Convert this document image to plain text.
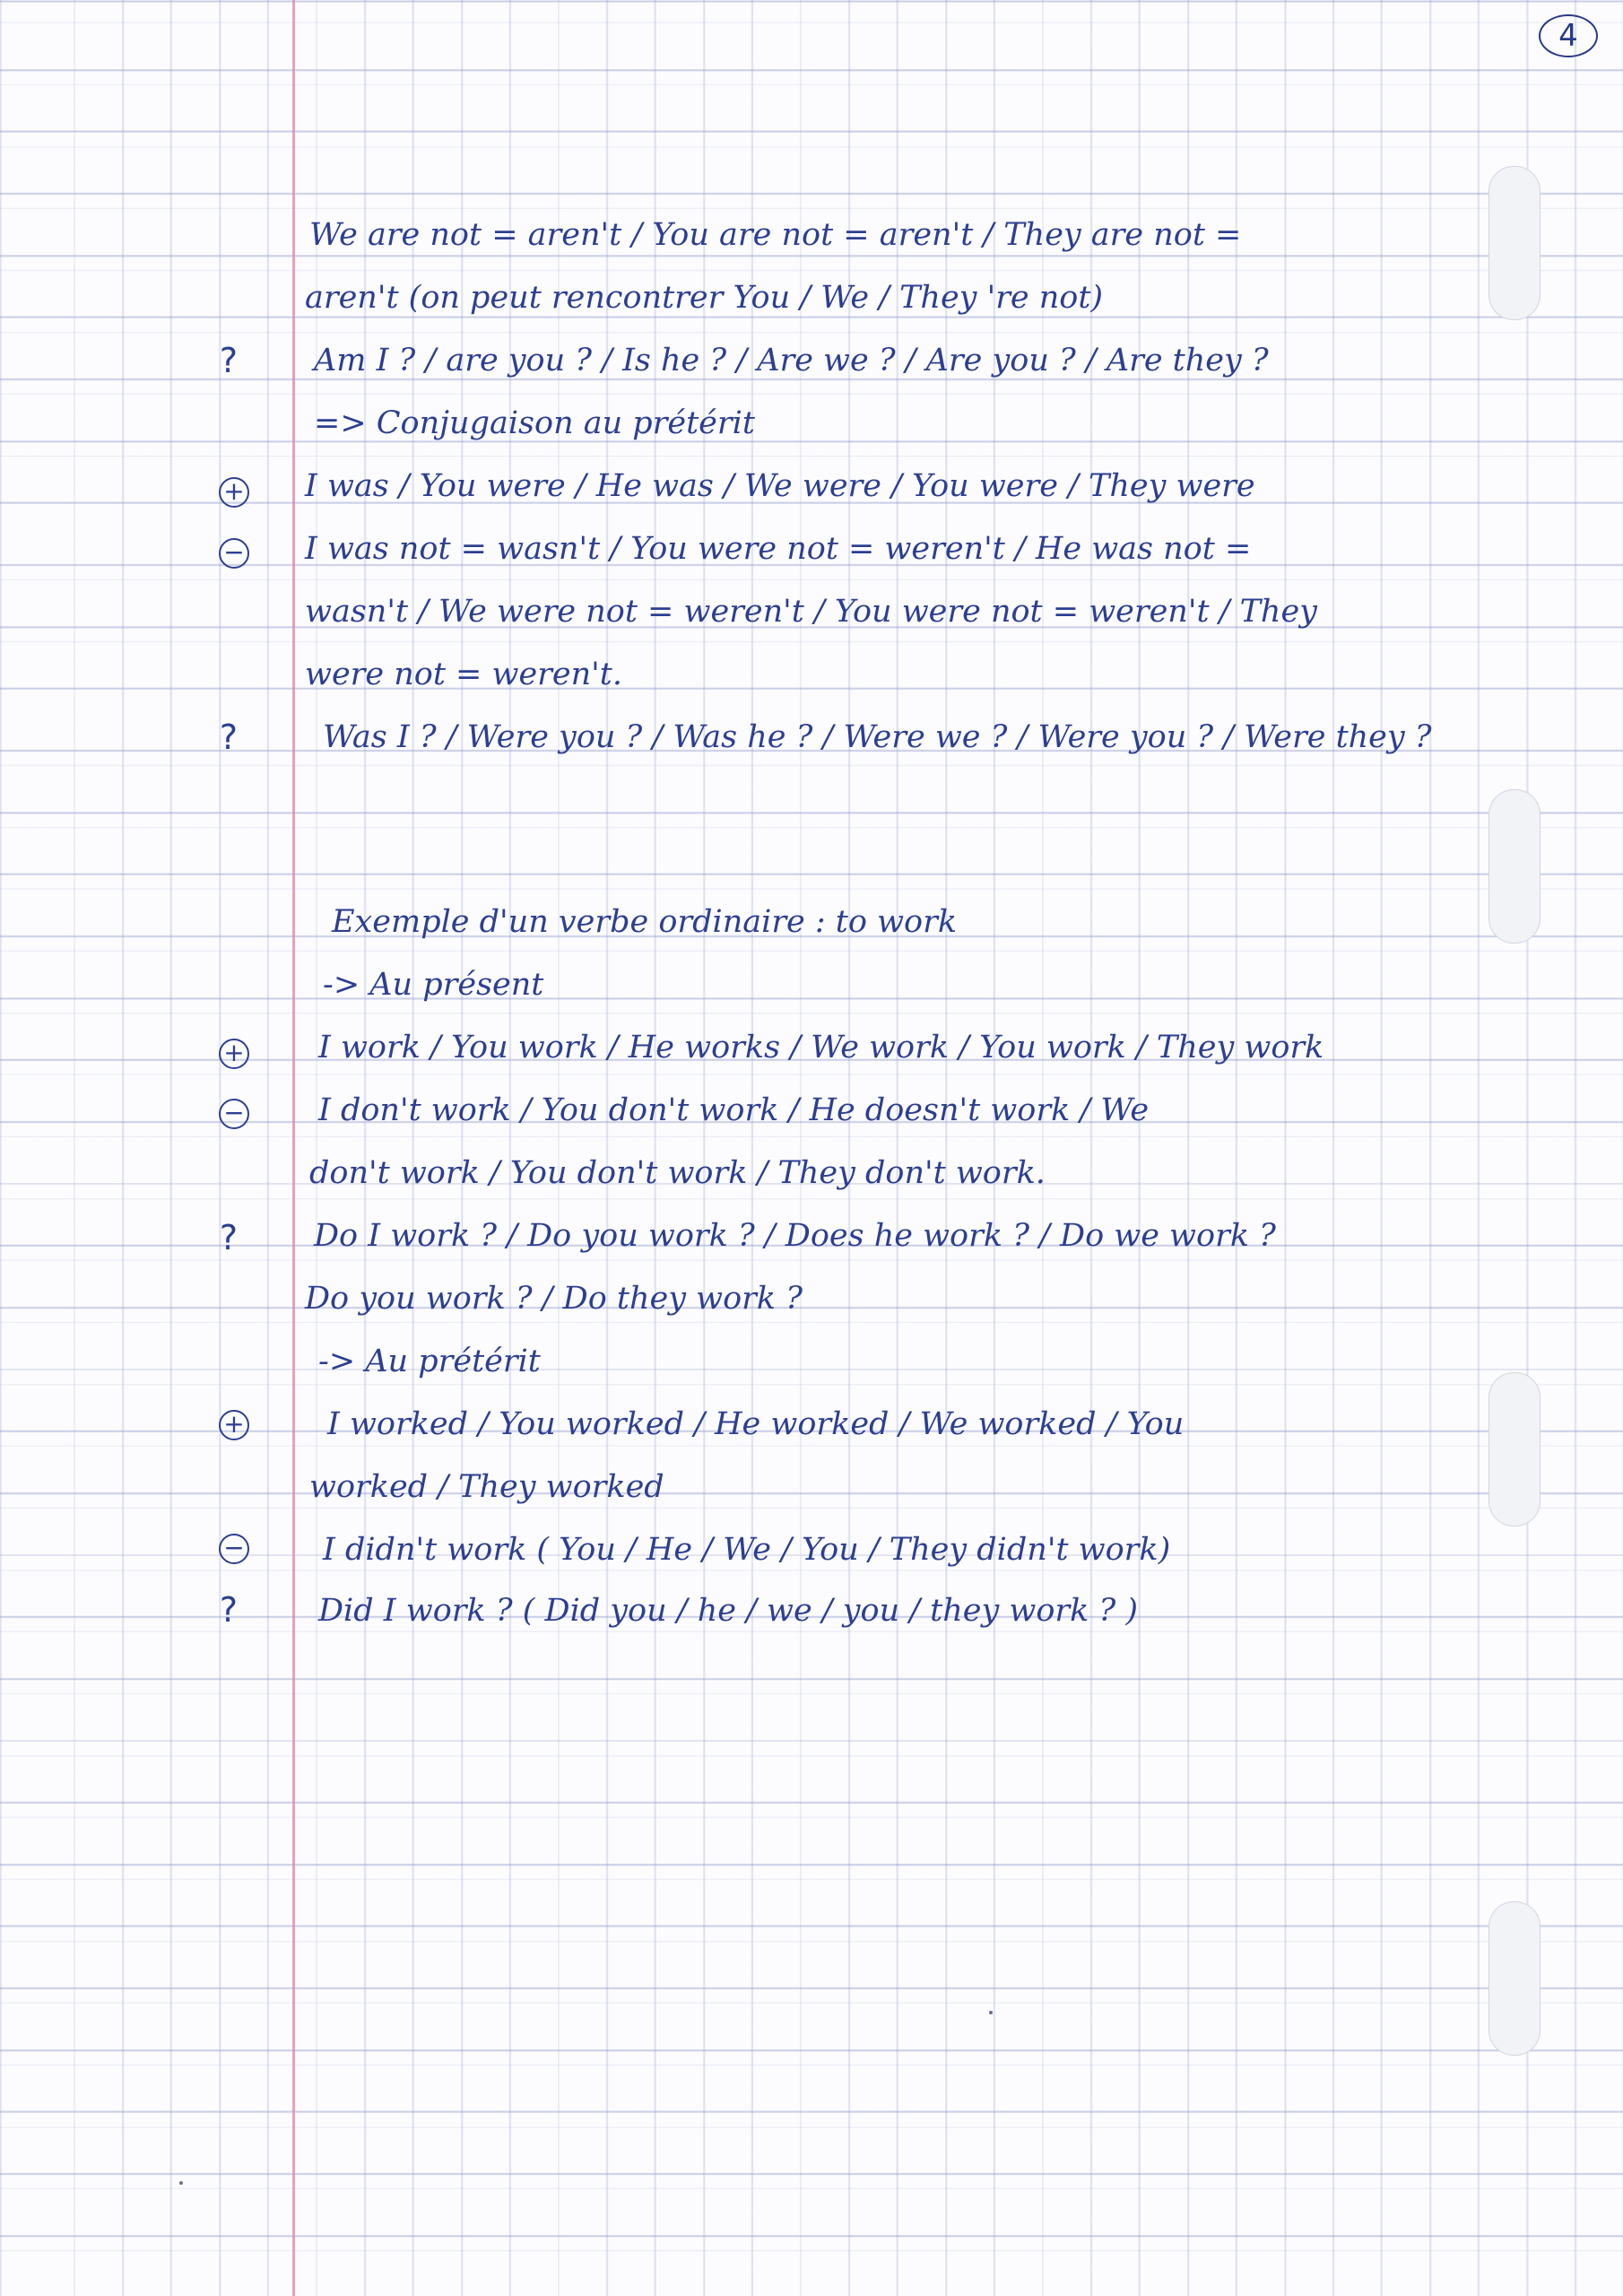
4
?
+
−
?
+
−
?
+
−
?
We are not = aren't / You are not = aren't / They are not =
aren't (on peut rencontrer You / We / They 're not)
Am I ? / are you ? / Is he ? / Are we ? / Are you ? / Are they ?
=> Conjugaison au prétérit
I was / You were / He was / We were / You were / They were
I was not = wasn't / You were not = weren't / He was not =
wasn't / We were not = weren't / You were not = weren't / They
were not = weren't.
Was I ? / Were you ? / Was he ? / Were we ? / Were you ? / Were they ?
Exemple d'un verbe ordinaire : to work
-> Au présent
I work / You work / He works / We work / You work / They work
I don't work / You don't work / He doesn't work / We
don't work / You don't work / They don't work.
Do I work ? / Do you work ? / Does he work ? / Do we work ?
Do you work ? / Do they work ?
-> Au prétérit
I worked / You worked / He worked / We worked / You
worked / They worked
I didn't work ( You / He / We / You / They didn't work)
Did I work ? ( Did you / he / we / you / they work ? )
